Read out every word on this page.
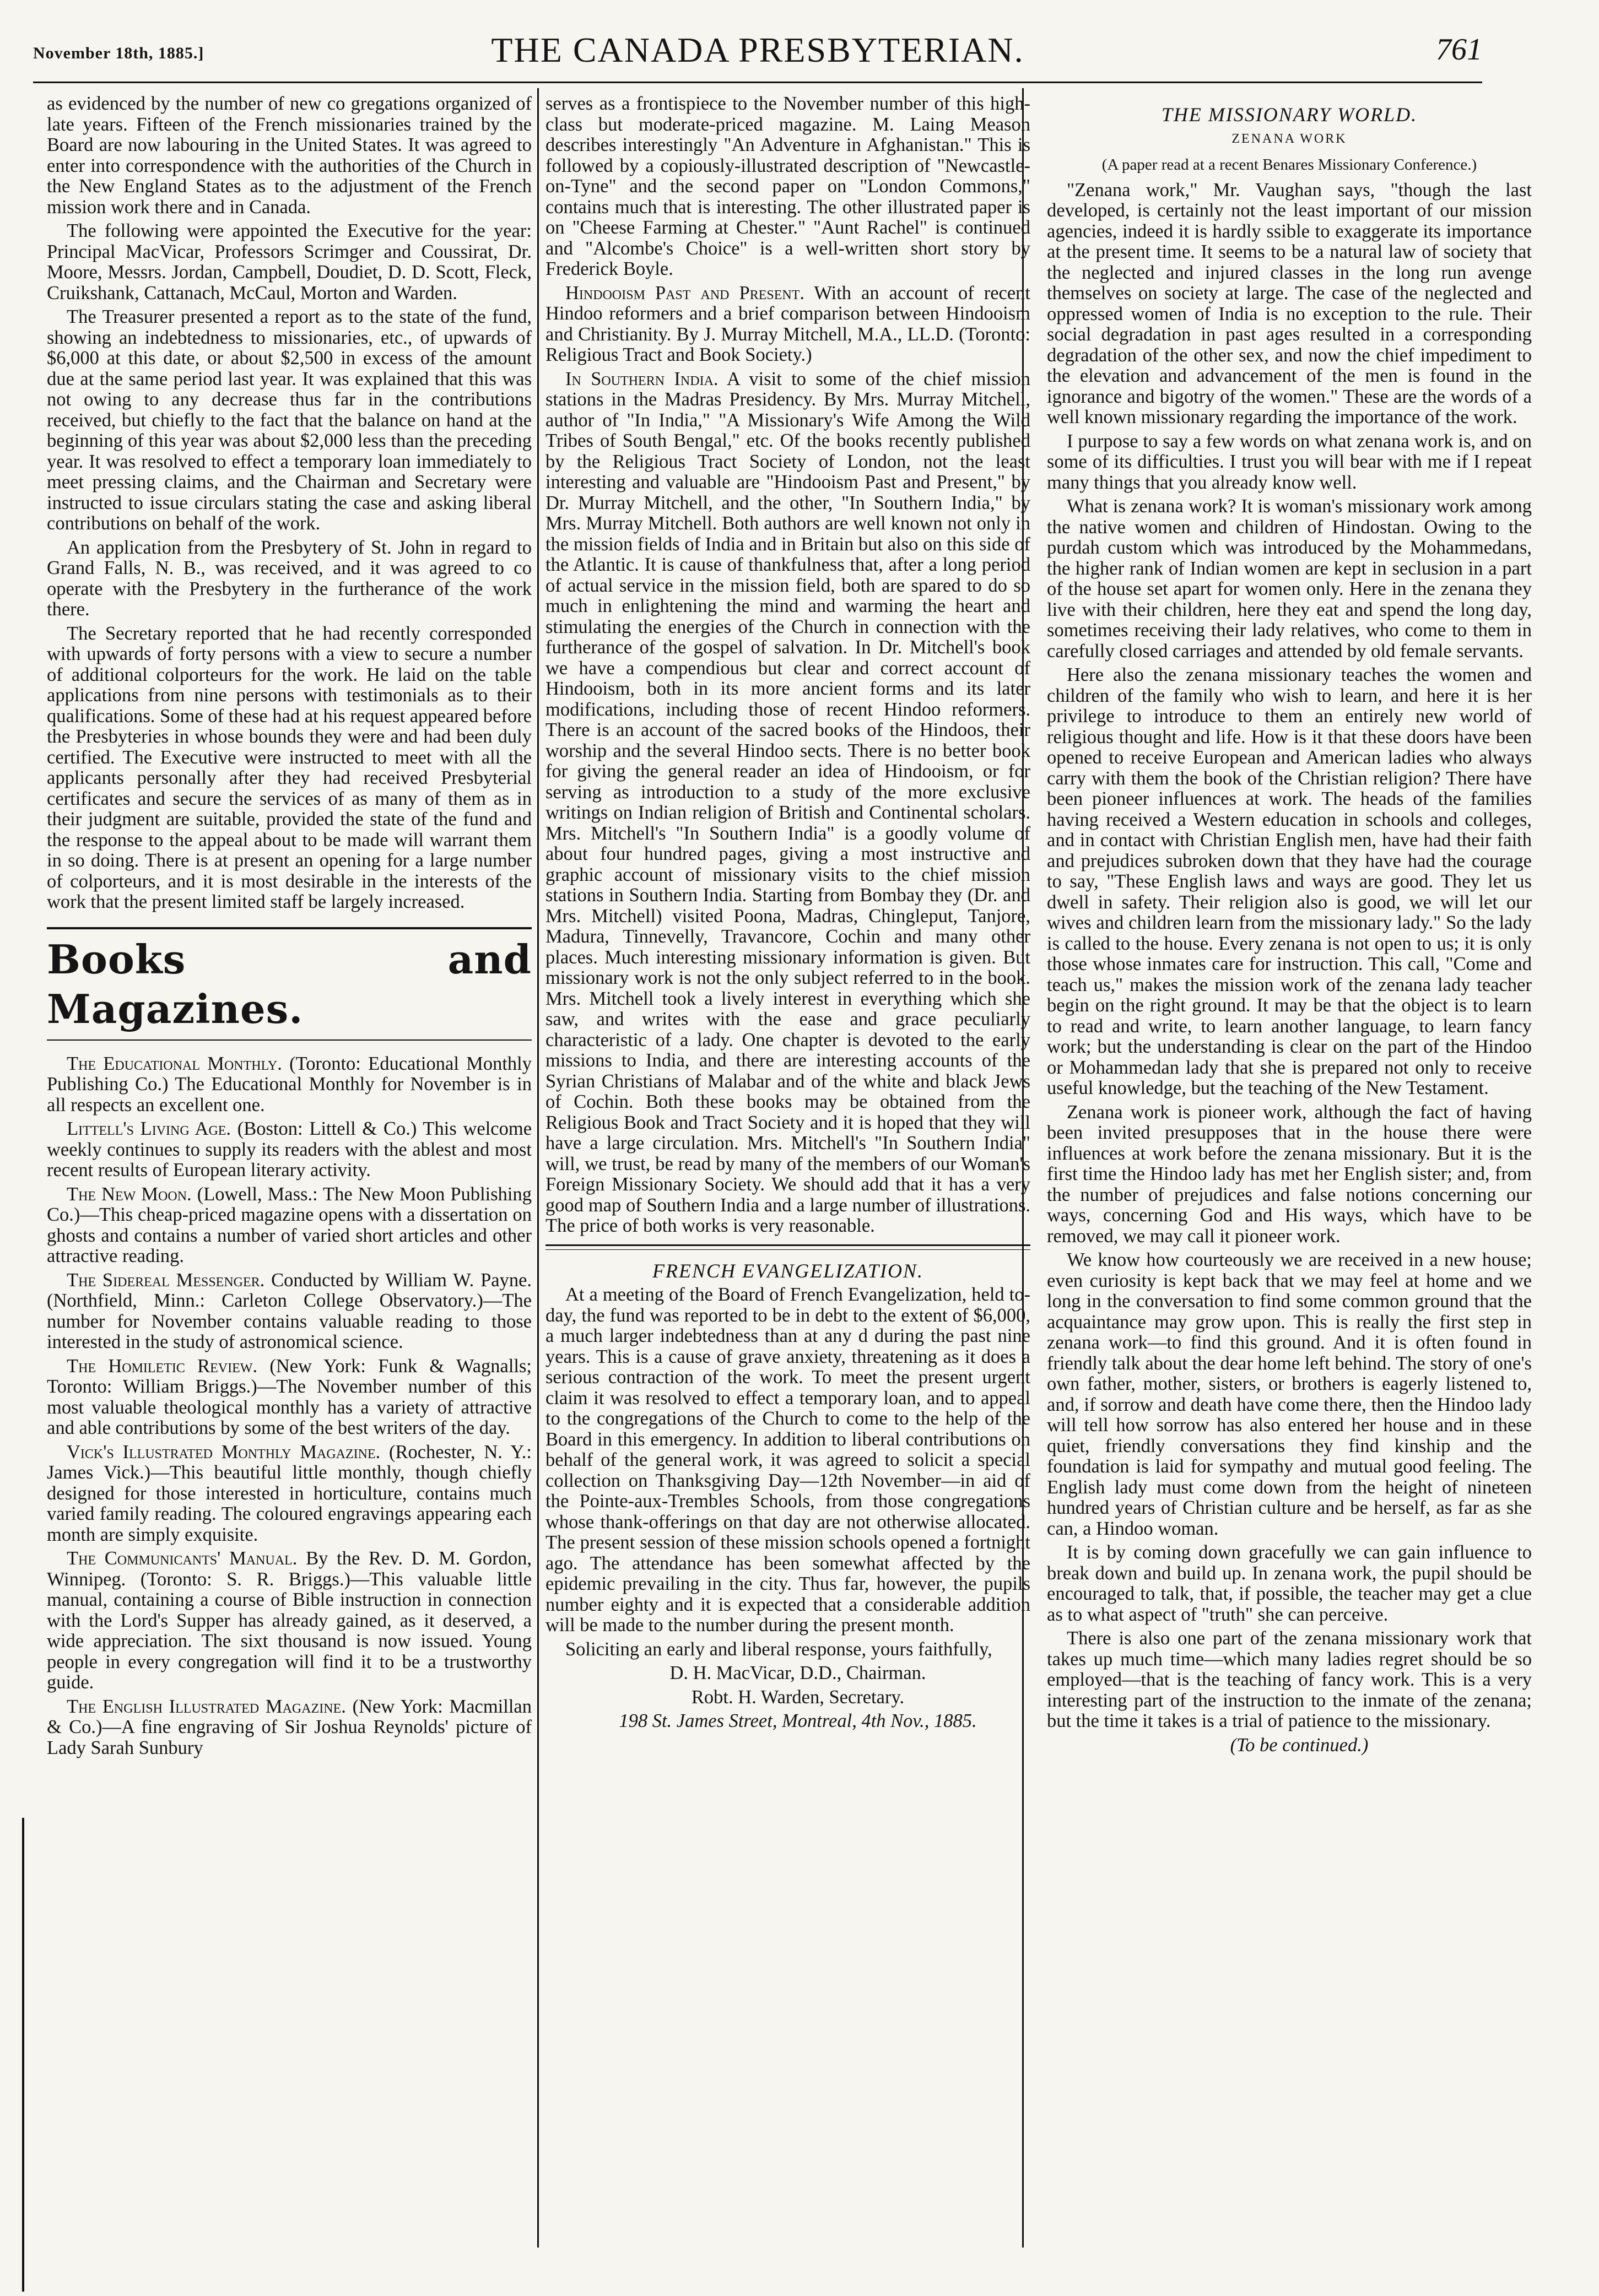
November 18th, 1885.]	THE CANADA PRESBYTERIAN.	761

as evidenced by the number of new co gregations organized of late years. Fifteen of the French missionaries trained by the Board are now labouring in the United States. It was agreed to enter into correspondence with the authorities of the Church in the New England States as to the adjustment of the French mission work there and in Canada.

The following were appointed the Executive for the year: Principal MacVicar, Professors Scrimger and Coussirat, Dr. Moore, Messrs. Jordan, Campbell, Doudiet, D. D. Scott, Fleck, Cruikshank, Cattanach, McCaul, Morton and Warden.

The Treasurer presented a report as to the state of the fund, showing an indebtedness to missionaries, etc., of upwards of $6,000 at this date, or about $2,500 in excess of the amount due at the same period last year. It was explained that this was not owing to any decrease thus far in the contributions received, but chiefly to the fact that the balance on hand at the beginning of this year was about $2,000 less than the preceding year. It was resolved to effect a temporary loan immediately to meet pressing claims, and the Chairman and Secretary were instructed to issue circulars stating the case and asking liberal contributions on behalf of the work.

An application from the Presbytery of St. John in regard to Grand Falls, N. B., was received, and it was agreed to co operate with the Presbytery in the furtherance of the work there.

The Secretary reported that he had recently corresponded with upwards of forty persons with a view to secure a number of additional colporteurs for the work. He laid on the table applications from nine persons with testimonials as to their qualifications. Some of these had at his request appeared before the Presbyteries in whose bounds they were and had been duly certified. The Executive were instructed to meet with all the applicants personally after they had received Presbyterial certificates and secure the services of as many of them as in their judgment are suitable, provided the state of the fund and the response to the appeal about to be made will warrant them in so doing. There is at present an opening for a large number of colporteurs, and it is most desirable in the interests of the work that the present limited staff be largely increased.

Books and Magazines.

The Educational Monthly. (Toronto: Educational Monthly Publishing Co.) The Educational Monthly for November is in all respects an excellent one.

Littell's Living Age. (Boston: Littell & Co.) This welcome weekly continues to supply its readers with the ablest and most recent results of European literary activity.

The New Moon. (Lowell, Mass.: The New Moon Publishing Co.)—This cheap-priced magazine opens with a dissertation on ghosts and contains a number of varied short articles and other attractive reading.

The Sidereal Messenger. Conducted by William W. Payne. (Northfield, Minn.: Carleton College Observatory.)—The number for November contains valuable reading to those interested in the study of astronomical science.

The Homiletic Review. (New York: Funk & Wagnalls; Toronto: William Briggs.)—The November number of this most valuable theological monthly has a variety of attractive and able contributions by some of the best writers of the day.

Vick's Illustrated Monthly Magazine. (Rochester, N. Y.: James Vick.)—This beautiful little monthly, though chiefly designed for those interested in horticulture, contains much varied family reading. The coloured engravings appearing each month are simply exquisite.

The Communicants' Manual. By the Rev. D. M. Gordon, Winnipeg. (Toronto: S. R. Briggs.)—This valuable little manual, containing a course of Bible instruction in connection with the Lord's Supper has already gained, as it deserved, a wide appreciation. The sixt thousand is now issued. Young people in every congregation will find it to be a trustworthy guide.

The English Illustrated Magazine. (New York: Macmillan & Co.)—A fine engraving of Sir Joshua Reynolds' picture of Lady Sarah Sunbury

serves as a frontispiece to the November number of this high-class but moderate-priced magazine. M. Laing Meason describes interestingly "An Adventure in Afghanistan." This is followed by a copiously-illustrated description of "Newcastle-on-Tyne" and the second paper on "London Commons," contains much that is interesting. The other illustrated paper is on "Cheese Farming at Chester." "Aunt Rachel" is continued and "Alcombe's Choice" is a well-written short story by Frederick Boyle.

Hindooism Past and Present. With an account of recent Hindoo reformers and a brief comparison between Hindooism and Christianity. By J. Murray Mitchell, M.A., LL.D. (Toronto: Religious Tract and Book Society.)

In Southern India. A visit to some of the chief mission stations in the Madras Presidency. By Mrs. Murray Mitchell, author of "In India," "A Missionary's Wife Among the Wild Tribes of South Bengal," etc. Of the books recently published by the Religious Tract Society of London, not the least interesting and valuable are "Hindooism Past and Present," by Dr. Murray Mitchell, and the other, "In Southern India," by Mrs. Murray Mitchell. Both authors are well known not only in the mission fields of India and in Britain but also on this side of the Atlantic. It is cause of thankfulness that, after a long period of actual service in the mission field, both are spared to do so much in enlightening the mind and warming the heart and stimulating the energies of the Church in connection with the furtherance of the gospel of salvation. In Dr. Mitchell's book we have a compendious but clear and correct account of Hindooism, both in its more ancient forms and its later modifications, including those of recent Hindoo reformers. There is an account of the sacred books of the Hindoos, their worship and the several Hindoo sects. There is no better book for giving the general reader an idea of Hindooism, or for serving as introduction to a study of the more exclusive writings on Indian religion of British and Continental scholars. Mrs. Mitchell's "In Southern India" is a goodly volume of about four hundred pages, giving a most instructive and graphic account of missionary visits to the chief mission stations in Southern India. Starting from Bombay they (Dr. and Mrs. Mitchell) visited Poona, Madras, Chingleput, Tanjore, Madura, Tinnevelly, Travancore, Cochin and many other places. Much interesting missionary information is given. But missionary work is not the only subject referred to in the book. Mrs. Mitchell took a lively interest in everything which she saw, and writes with the ease and grace peculiarly characteristic of a lady. One chapter is devoted to the early missions to India, and there are interesting accounts of the Syrian Christians of Malabar and of the white and black Jews of Cochin. Both these books may be obtained from the Religious Book and Tract Society and it is hoped that they will have a large circulation. Mrs. Mitchell's "In Southern India" will, we trust, be read by many of the members of our Woman's Foreign Missionary Society. We should add that it has a very good map of Southern India and a large number of illustrations. The price of both works is very reasonable.

FRENCH EVANGELIZATION.

At a meeting of the Board of French Evangelization, held to-day, the fund was reported to be in debt to the extent of $6,000, a much larger indebtedness than at any d during the past nine years. This is a cause of grave anxiety, threatening as it does a serious contraction of the work. To meet the present urgent claim it was resolved to effect a temporary loan, and to appeal to the congregations of the Church to come to the help of the Board in this emergency. In addition to liberal contributions on behalf of the general work, it was agreed to solicit a special collection on Thanksgiving Day—12th November—in aid of the Pointe-aux-Trembles Schools, from those congregations whose thank-offerings on that day are not otherwise allocated. The present session of these mission schools opened a fortnight ago. The attendance has been somewhat affected by the epidemic prevailing in the city. Thus far, however, the pupils number eighty and it is expected that a considerable addition will be made to the number during the present month.

Soliciting an early and liberal response, yours faithfully,

D. H. MacVicar, D.D., Chairman.

Robt. H. Warden, Secretary.

198 St. James Street, Montreal, 4th Nov., 1885.

THE MISSIONARY WORLD.
ZENANA WORK
(A paper read at a recent Benares Missionary Conference.)

"Zenana work," Mr. Vaughan says, "though the last developed, is certainly not the least important of our mission agencies, indeed it is hardly ssible to exaggerate its importance at the present time. It seems to be a natural law of society that the neglected and injured classes in the long run avenge themselves on society at large. The case of the neglected and oppressed women of India is no exception to the rule. Their social degradation in past ages resulted in a corresponding degradation of the other sex, and now the chief impediment to the elevation and advancement of the men is found in the ignorance and bigotry of the women." These are the words of a well known missionary regarding the importance of the work.

I purpose to say a few words on what zenana work is, and on some of its difficulties. I trust you will bear with me if I repeat many things that you already know well.

What is zenana work? It is woman's missionary work among the native women and children of Hindostan. Owing to the purdah custom which was introduced by the Mohammedans, the higher rank of Indian women are kept in seclusion in a part of the house set apart for women only. Here in the zenana they live with their children, here they eat and spend the long day, sometimes receiving their lady relatives, who come to them in carefully closed carriages and attended by old female servants.

Here also the zenana missionary teaches the women and children of the family who wish to learn, and here it is her privilege to introduce to them an entirely new world of religious thought and life. How is it that these doors have been opened to receive European and American ladies who always carry with them the book of the Christian religion? There have been pioneer influences at work. The heads of the families having received a Western education in schools and colleges, and in contact with Christian English men, have had their faith and prejudices subroken down that they have had the courage to say, "These English laws and ways are good. They let us dwell in safety. Their religion also is good, we will let our wives and children learn from the missionary lady." So the lady is called to the house. Every zenana is not open to us; it is only those whose inmates care for instruction. This call, "Come and teach us," makes the mission work of the zenana lady teacher begin on the right ground. It may be that the object is to learn to read and write, to learn another language, to learn fancy work; but the understanding is clear on the part of the Hindoo or Mohammedan lady that she is prepared not only to receive useful knowledge, but the teaching of the New Testament.

Zenana work is pioneer work, although the fact of having been invited presupposes that in the house there were influences at work before the zenana missionary. But it is the first time the Hindoo lady has met her English sister; and, from the number of prejudices and false notions concerning our ways, concerning God and His ways, which have to be removed, we may call it pioneer work.

We know how courteously we are received in a new house; even curiosity is kept back that we may feel at home and we long in the conversation to find some common ground that the acquaintance may grow upon. This is really the first step in zenana work—to find this ground. And it is often found in friendly talk about the dear home left behind. The story of one's own father, mother, sisters, or brothers is eagerly listened to, and, if sorrow and death have come there, then the Hindoo lady will tell how sorrow has also entered her house and in these quiet, friendly conversations they find kinship and the foundation is laid for sympathy and mutual good feeling. The English lady must come down from the height of nineteen hundred years of Christian culture and be herself, as far as she can, a Hindoo woman.

It is by coming down gracefully we can gain influence to break down and build up. In zenana work, the pupil should be encouraged to talk, that, if possible, the teacher may get a clue as to what aspect of "truth" she can perceive.

There is also one part of the zenana missionary work that takes up much time—which many ladies regret should be so employed—that is the teaching of fancy work. This is a very interesting part of the instruction to the inmate of the zenana; but the time it takes is a trial of patience to the missionary.

(To be continued.)
